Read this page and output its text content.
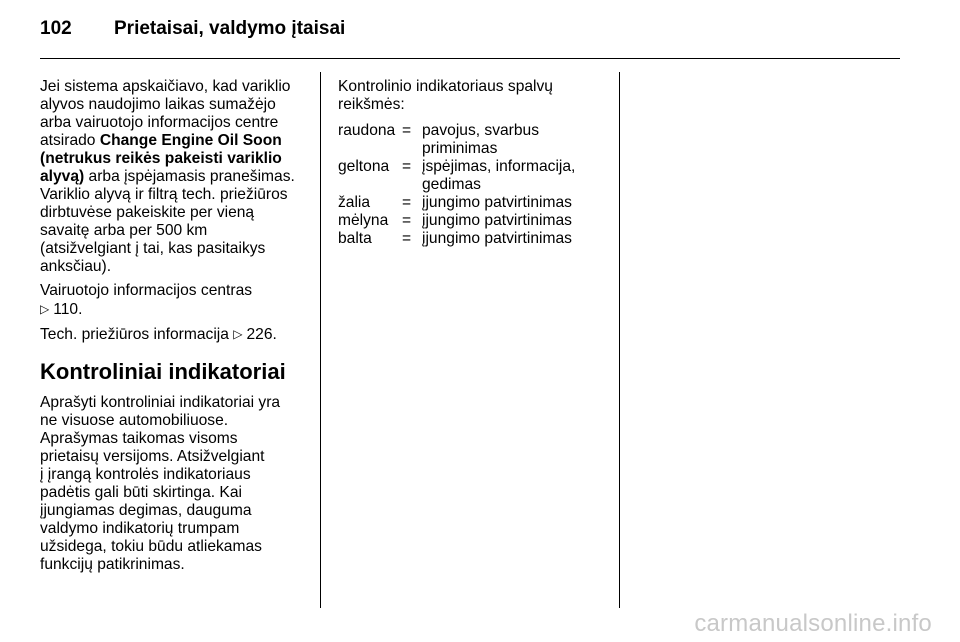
102 Prietaisai, valdymo įtaisai

Jei sistema apskaičiavo, kad variklio
alyvos naudojimo laikas sumažėjo
arba vairuotojo informacijos centre
atsirado Change Engine Oil Soon
(netrukus reikės pakeisti variklio
alyvą) arba įspėjamasis pranešimas.
Variklio alyvą ir filtrą tech. priežiūros
dirbtuvėse pakeiskite per vieną
savaitę arba per 500 km
(atsižvelgiant į tai, kas pasitaikys
anksčiau).

Vairuotojo informacijos centras
▷ 110.

Tech. priežiūros informacija ▷ 226.

Kontroliniai indikatoriai

Aprašyti kontroliniai indikatoriai yra
ne visuose automobiliuose.
Aprašymas taikomas visoms
prietaisų versijoms. Atsižvelgiant
į įrangą kontrolės indikatoriaus
padėtis gali būti skirtinga. Kai
įjungiamas degimas, dauguma
valdymo indikatorių trumpam
užsidega, tokiu būdu atliekamas
funkcijų patikrinimas.

Kontrolinio indikatoriaus spalvų
reikšmės:

raudona = pavojus, svarbus
priminimas
geltona = įspėjimas, informacija,
gedimas
žalia	= įjungimo patvirtinimas
mėlyna = įjungimo patvirtinimas
balta	= įjungimo patvirtinimas
carmanualsonline.info
